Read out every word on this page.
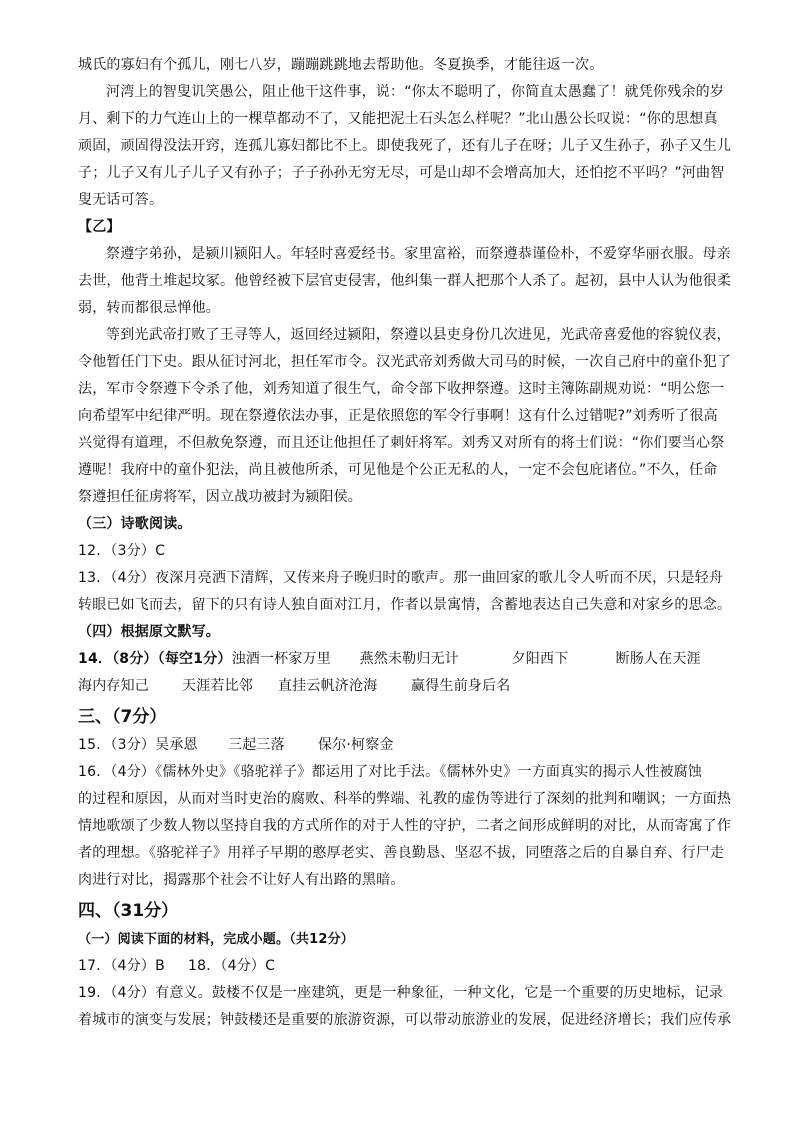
城氏的寡妇有个孤儿，刚七八岁，蹦蹦跳跳地去帮助他。冬夏换季，才能往返一次。
河湾上的智叟讥笑愚公，阻止他干这件事，说：“你太不聪明了，你简直太愚蠢了！就凭你残余的岁
月、剩下的力气连山上的一棵草都动不了，又能把泥土石头怎么样呢？”北山愚公长叹说：“你的思想真
顽固，顽固得没法开窍，连孤儿寡妇都比不上。即使我死了，还有儿子在呀；儿子又生孙子，孙子又生儿
子；儿子又有儿子儿子又有孙子；子子孙孙无穷无尽，可是山却不会增高加大，还怕挖不平吗？”河曲智
叟无话可答。
【乙】
祭遵字弟孙，是颍川颍阳人。年轻时喜爱经书。家里富裕，而祭遵恭谨俭朴，不爱穿华丽衣服。母亲
去世，他背土堆起坟冢。他曾经被下层官吏侵害，他纠集一群人把那个人杀了。起初，县中人认为他很柔
弱，转而都很忌惮他。
等到光武帝打败了王寻等人，返回经过颍阳，祭遵以县吏身份几次进见，光武帝喜爱他的容貌仪表，
令他暂任门下史。跟从征讨河北，担任军市令。汉光武帝刘秀做大司马的时候，一次自己府中的童仆犯了
法，军市令祭遵下令杀了他，刘秀知道了很生气，命令部下收押祭遵。这时主簿陈副规劝说：“明公您一
向希望军中纪律严明。现在祭遵依法办事，正是依照您的军令行事啊！这有什么过错呢?”刘秀听了很高
兴觉得有道理，不但赦免祭遵，而且还让他担任了刺奸将军。刘秀又对所有的将士们说：“你们要当心祭
遵呢！我府中的童仆犯法，尚且被他所杀，可见他是个公正无私的人，一定不会包庇诸位。”不久，任命
祭遵担任征虏将军，因立战功被封为颍阳侯。
（三）诗歌阅读。
12．（3分）C
13．（4分）夜深月亮洒下清辉，又传来舟子晚归时的歌声。那一曲回家的歌儿令人听而不厌，只是轻舟
转眼已如飞而去，留下的只有诗人独自面对江月，作者以景寓情，含蓄地表达自己失意和对家乡的思念。
（四）根据原文默写。
14．（8分）（每空1分） 浊酒一杯家万里	燕然未勒归无计	夕阳西下	断肠人在天涯
海内存知己	天涯若比邻	直挂云帆济沧海	赢得生前身后名
三、（7分）
15．（3分）吴承恩	三起三落	保尔·柯察金
16．（4分）《儒林外史》《骆驼祥子》都运用了对比手法。《儒林外史》一方面真实的揭示人性被腐蚀
的过程和原因，从而对当时吏治的腐败、科举的弊端、礼教的虚伪等进行了深刻的批判和嘲讽；一方面热
情地歌颂了少数人物以坚持自我的方式所作的对于人性的守护，二者之间形成鲜明的对比，从而寄寓了作
者的理想。《骆驼祥子》用祥子早期的憨厚老实、善良勤恳、坚忍不拔，同堕落之后的自暴自弃、行尸走
肉进行对比，揭露那个社会不让好人有出路的黑暗。
四、（31分）
（一）阅读下面的材料，完成小题。（共12分）
17．（4分）B	18．（4分）C
19．（4分）有意义。鼓楼不仅是一座建筑，更是一种象征，一种文化，它是一个重要的历史地标，记录
着城市的演变与发展；钟鼓楼还是重要的旅游资源，可以带动旅游业的发展，促进经济增长；我们应传承
